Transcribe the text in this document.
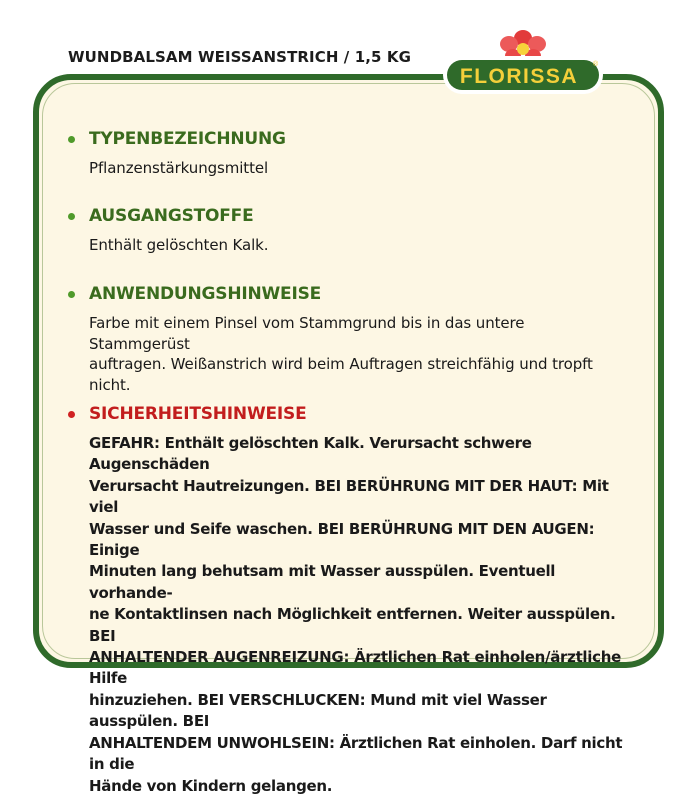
WUNDBALSAM WEISSANSTRICH / 1,5 KG
FLORISSA
®
TYPENBEZEICHNUNG
Pflanzenstärkungsmittel
AUSGANGSTOFFE
Enthält gelöschten Kalk.
ANWENDUNGSHINWEISE
Farbe mit einem Pinsel vom Stammgrund bis in das untere Stammgerüst
auftragen. Weißanstrich wird beim Auftragen streichfähig und tropft
nicht.
SICHERHEITSHINWEISE
GEFAHR: Enthält gelöschten Kalk. Verursacht schwere Augenschäden
Verursacht Hautreizungen. BEI BERÜHRUNG MIT DER HAUT: Mit viel
Wasser und Seife waschen. BEI BERÜHRUNG MIT DEN AUGEN: Einige
Minuten lang behutsam mit Wasser ausspülen. Eventuell vorhande-
ne Kontaktlinsen nach Möglichkeit entfernen. Weiter ausspülen. BEI
ANHALTENDER AUGENREIZUNG: Ärztlichen Rat einholen/ärztliche Hilfe
hinzuziehen. BEI VERSCHLUCKEN: Mund mit viel Wasser ausspülen. BEI
ANHALTENDEM UNWOHLSEIN: Ärztlichen Rat einholen. Darf nicht in die
Hände von Kindern gelangen.
